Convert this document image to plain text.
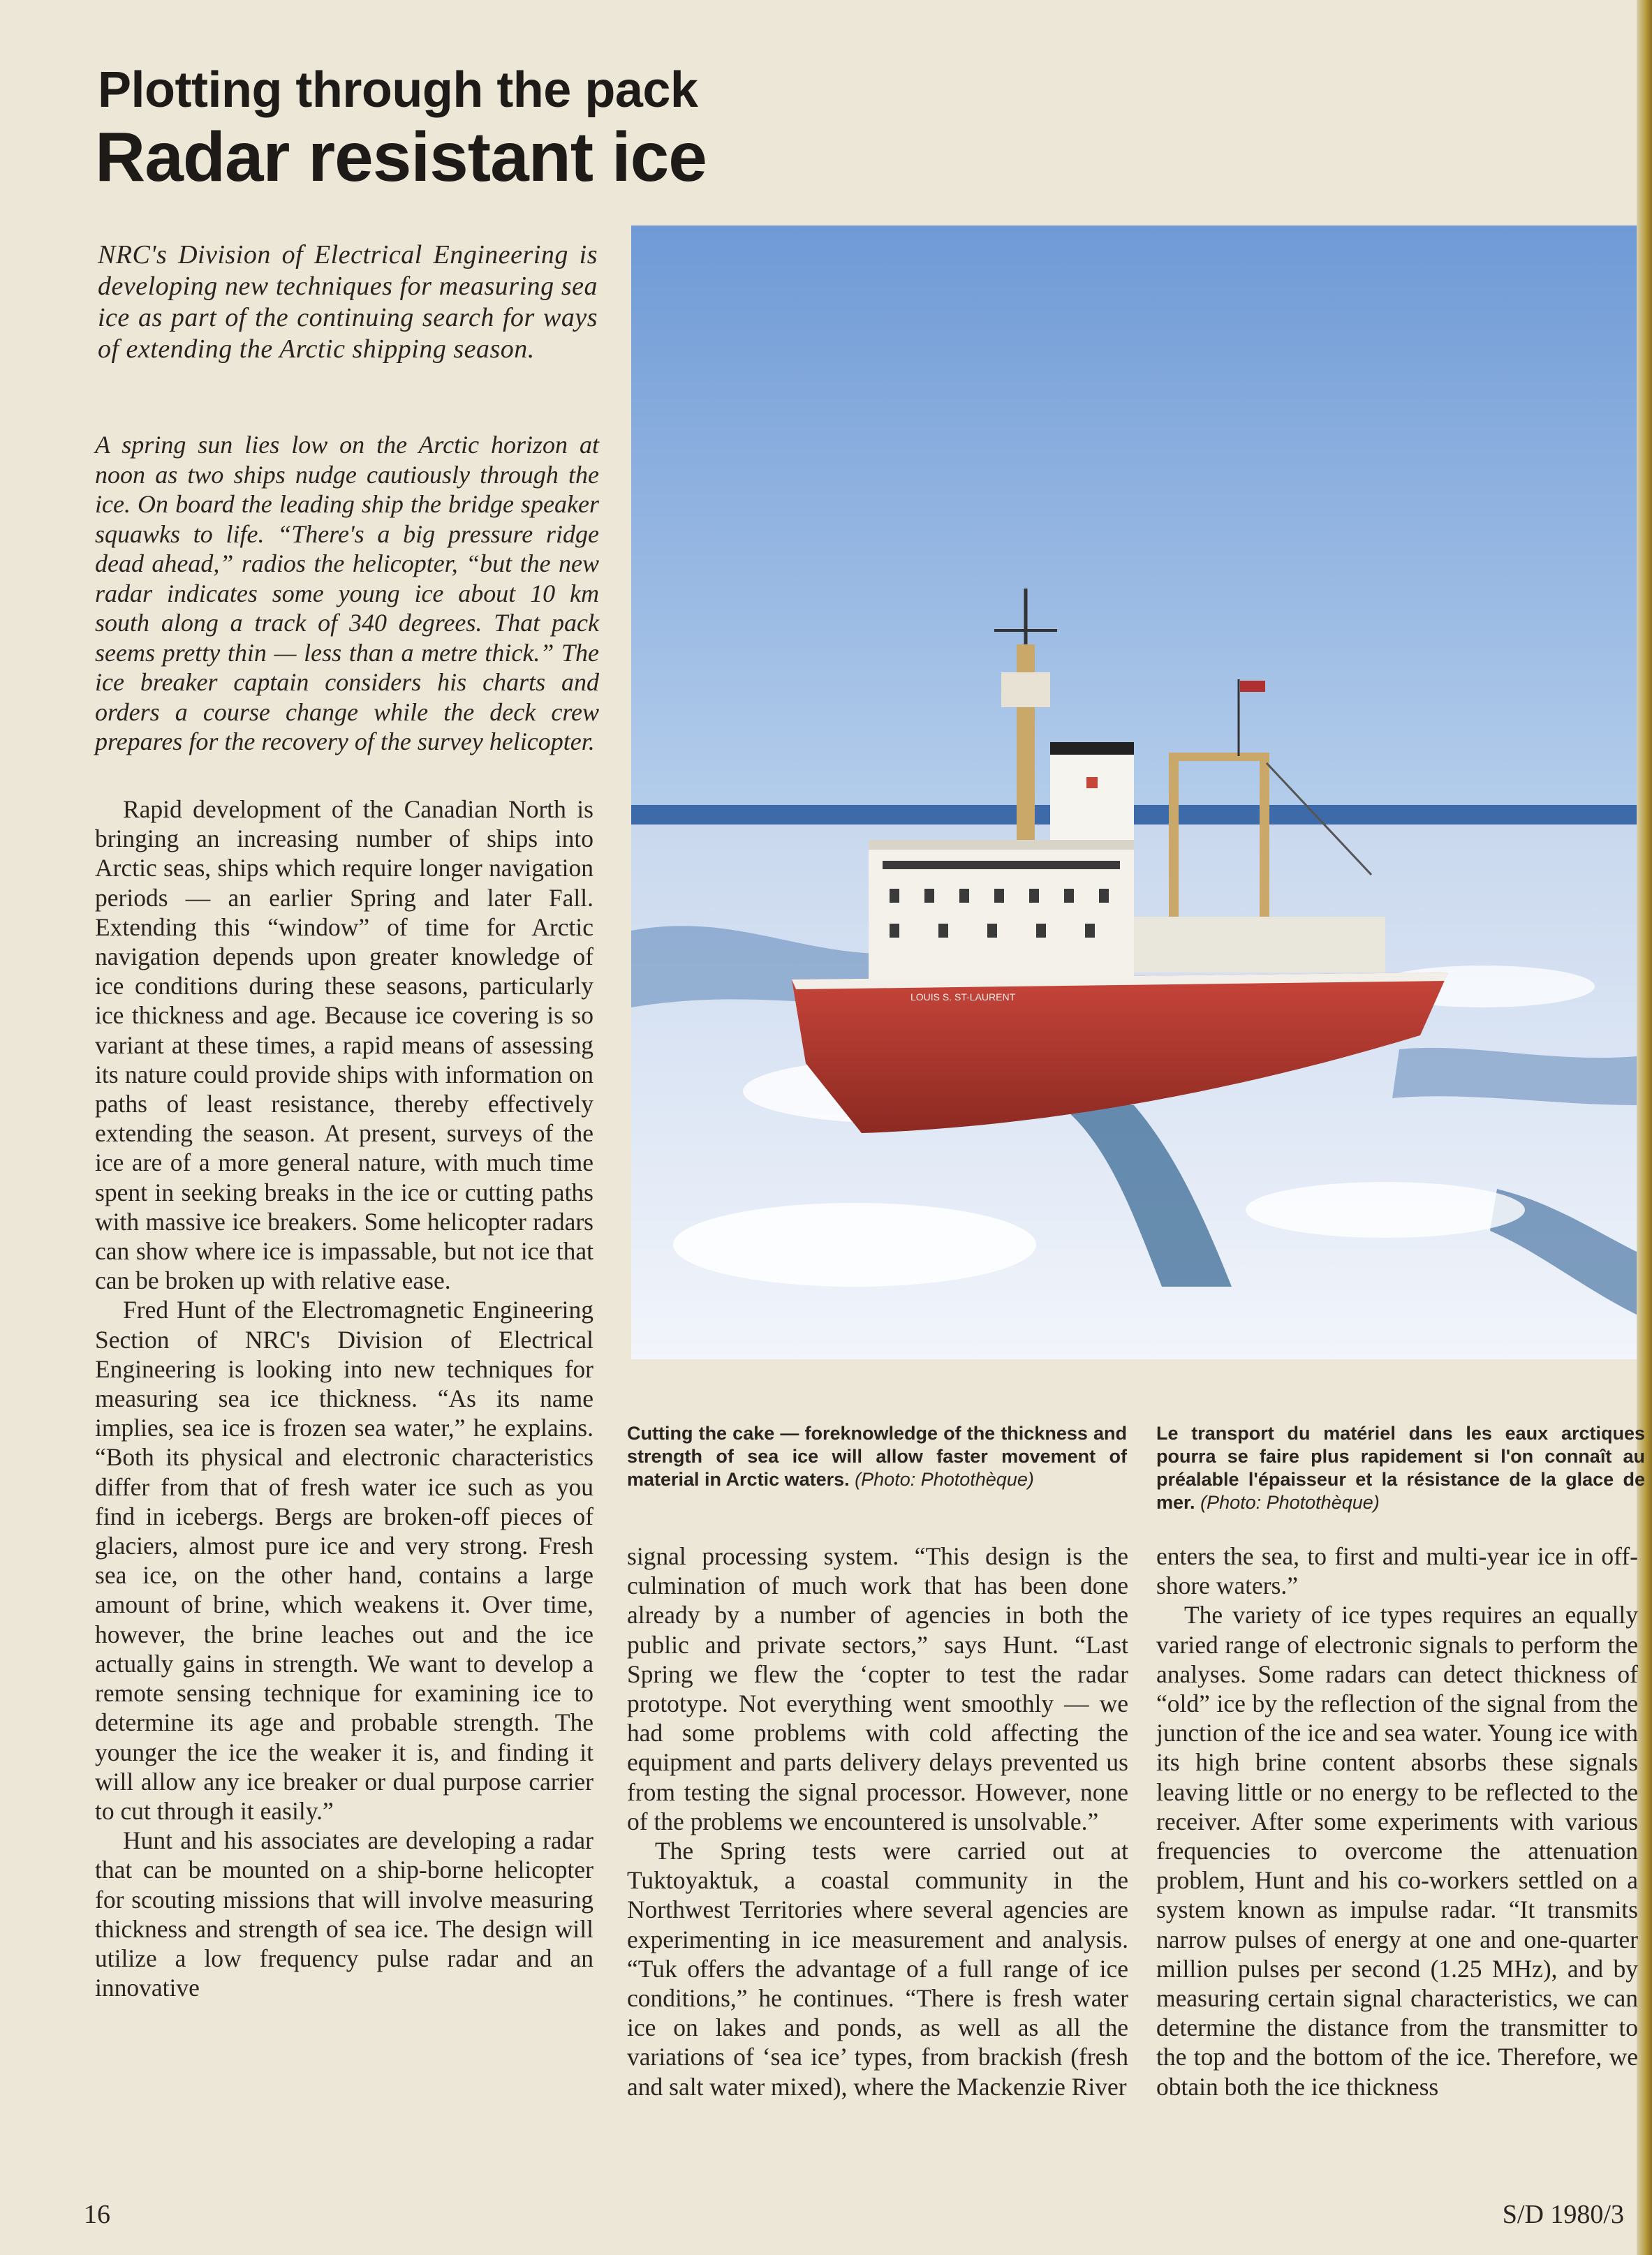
Plotting through the pack
Radar resistant ice

NRC's Division of Electrical Engineering is developing new techniques for measuring sea ice as part of the continuing search for ways of extending the Arctic shipping season.

A spring sun lies low on the Arctic horizon at noon as two ships nudge cautiously through the ice. On board the leading ship the bridge speaker squawks to life. “There's a big pressure ridge dead ahead,” radios the helicopter, “but the new radar indicates some young ice about 10 km south along a track of 340 degrees. That pack seems pretty thin — less than a metre thick.” The ice breaker captain considers his charts and orders a course change while the deck crew prepares for the recovery of the survey helicopter.

Rapid development of the Canadian North is bringing an increasing number of ships into Arctic seas, ships which require longer navigation periods — an earlier Spring and later Fall. Extending this “window” of time for Arctic navigation depends upon greater knowledge of ice conditions during these seasons, particularly ice thickness and age. Because ice covering is so variant at these times, a rapid means of assessing its nature could provide ships with information on paths of least resistance, thereby effectively extending the season. At present, surveys of the ice are of a more general nature, with much time spent in seeking breaks in the ice or cutting paths with massive ice breakers. Some helicopter radars can show where ice is impassable, but not ice that can be broken up with relative ease.

Fred Hunt of the Electromagnetic Engineering Section of NRC's Division of Electrical Engineering is looking into new techniques for measuring sea ice thickness. “As its name implies, sea ice is frozen sea water,” he explains. “Both its physical and electronic characteristics differ from that of fresh water ice such as you find in icebergs. Bergs are broken-off pieces of glaciers, almost pure ice and very strong. Fresh sea ice, on the other hand, contains a large amount of brine, which weakens it. Over time, however, the brine leaches out and the ice actually gains in strength. We want to develop a remote sensing technique for examining ice to determine its age and probable strength. The younger the ice the weaker it is, and finding it will allow any ice breaker or dual purpose carrier to cut through it easily.”

Hunt and his associates are developing a radar that can be mounted on a ship-borne helicopter for scouting missions that will involve measuring thickness and strength of sea ice. The design will utilize a low frequency pulse radar and an innovative

LOUIS S. ST-LAURENT

Cutting the cake — foreknowledge of the thickness and strength of sea ice will allow faster movement of material in Arctic waters. (Photo: Photothèque)

Le transport du matériel dans les eaux arctiques pourra se faire plus rapidement si l'on connaît au préalable l'épaisseur et la résistance de la glace de mer. (Photo: Photothèque)

signal processing system. “This design is the culmination of much work that has been done already by a number of agencies in both the public and private sectors,” says Hunt. “Last Spring we flew the ‘copter to test the radar prototype. Not everything went smoothly — we had some problems with cold affecting the equipment and parts delivery delays prevented us from testing the signal processor. However, none of the problems we encountered is unsolvable.”

The Spring tests were carried out at Tuktoyaktuk, a coastal community in the Northwest Territories where several agencies are experimenting in ice measurement and analysis. “Tuk offers the advantage of a full range of ice conditions,” he continues. “There is fresh water ice on lakes and ponds, as well as all the variations of ‘sea ice’ types, from brackish (fresh and salt water mixed), where the Mackenzie River

enters the sea, to first and multi-year ice in off-shore waters.”

The variety of ice types requires an equally varied range of electronic signals to perform the analyses. Some radars can detect thickness of “old” ice by the reflection of the signal from the junction of the ice and sea water. Young ice with its high brine content absorbs these signals leaving little or no energy to be reflected to the receiver. After some experiments with various frequencies to overcome the attenuation problem, Hunt and his co-workers settled on a system known as impulse radar. “It transmits narrow pulses of energy at one and one-quarter million pulses per second (1.25 MHz), and by measuring certain signal characteristics, we can determine the distance from the transmitter to the top and the bottom of the ice. Therefore, we obtain both the ice thickness

16	S/D 1980/3
